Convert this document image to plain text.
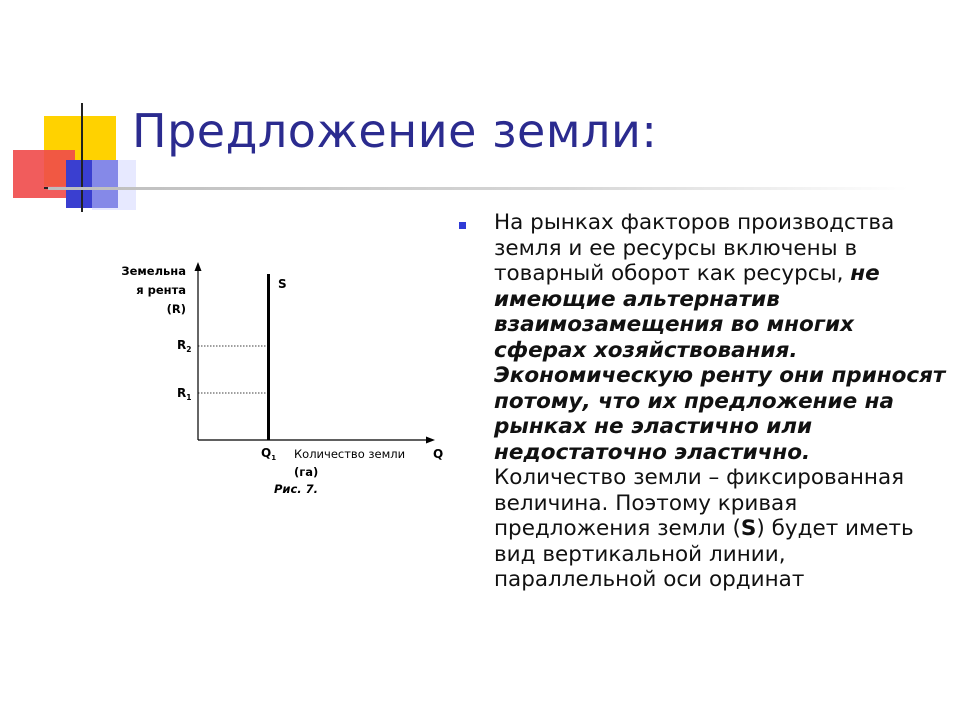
Предложение земли:
Земельна
я рента
(R)
$R_2$
$R_1$
S
$Q_1$ Количество земли Q
(га)
Рис. 7.
На рынках факторов производства земля и ее ресурсы включены в товарный оборот как ресурсы, не имеющие альтернатив взаимозамещения во многих сферах хозяйствования. Экономическую ренту они приносят потому, что их предложение на рынках не эластично или недостаточно эластично. Количество земли – фиксированная величина. Поэтому кривая предложения земли (S) будет иметь вид вертикальной линии, параллельной оси ординат
